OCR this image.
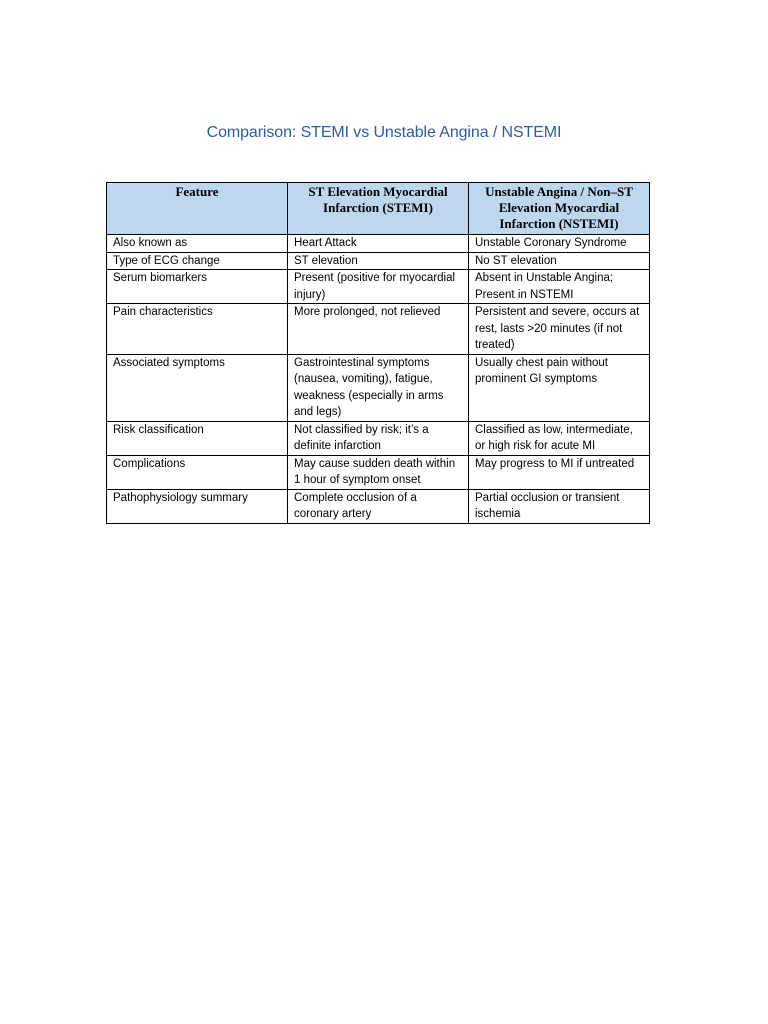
Comparison: STEMI vs Unstable Angina / NSTEMI
Feature	ST Elevation Myocardial Infarction (STEMI)	Unstable Angina / Non–ST Elevation Myocardial Infarction (NSTEMI)
Also known as	Heart Attack	Unstable Coronary Syndrome
Type of ECG change	ST elevation	No ST elevation
Serum biomarkers	Present (positive for myocardial injury)	Absent in Unstable Angina; Present in NSTEMI
Pain characteristics	More prolonged, not relieved	Persistent and severe, occurs at rest, lasts >20 minutes (if not treated)
Associated symptoms	Gastrointestinal symptoms (nausea, vomiting), fatigue, weakness (especially in arms and legs)	Usually chest pain without prominent GI symptoms
Risk classification	Not classified by risk; it’s a definite infarction	Classified as low, intermediate, or high risk for acute MI
Complications	May cause sudden death within 1 hour of symptom onset	May progress to MI if untreated
Pathophysiology summary	Complete occlusion of a coronary artery	Partial occlusion or transient ischemia
